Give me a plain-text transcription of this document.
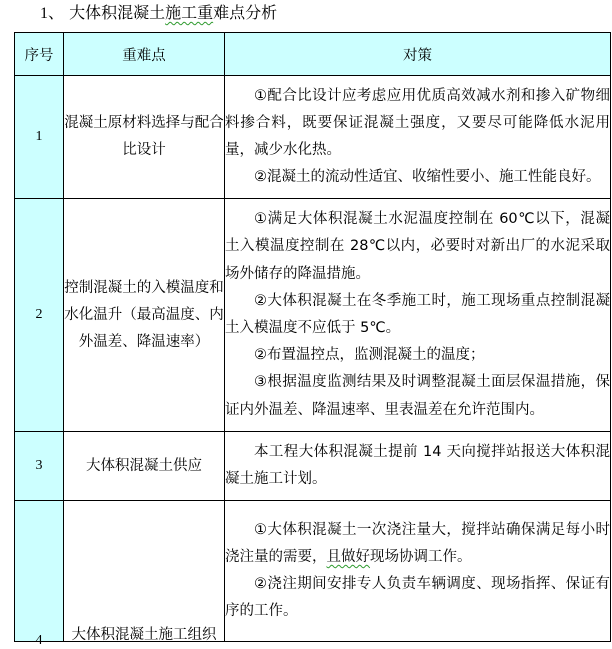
1、 大体积混凝土施工重难点分析
序号	重难点	对策
1	混凝土原材料选择与配合比设计	①配合比设计应考虑应用优质高效减水剂和掺入矿物细料掺合料，既要保证混凝土强度，又要尽可能降低水泥用量，减少水化热。

②混凝土的流动性适宜、收缩性要小、施工性能良好。

2	控制混凝土的入模温度和水化温升（最高温度、内外温差、降温速率）	①满足大体积混凝土水泥温度控制在 60℃以下，混凝土入模温度控制在 28℃以内，必要时对新出厂的水泥采取场外储存的降温措施。

②大体积混凝土在冬季施工时，施工现场重点控制混凝土入模温度不应低于 5℃。

②布置温控点，监测混凝土的温度；

③根据温度监测结果及时调整混凝土面层保温措施，保证内外温差、降温速率、里表温差在允许范围内。

3	大体积混凝土供应	本工程大体积混凝土提前 14 天向搅拌站报送大体积混凝土施工计划。

4	大体积混凝土施工组织	①大体积混凝土一次浇注量大，搅拌站确保满足每小时浇注量的需要，且做好现场协调工作。

②浇注期间安排专人负责车辆调度、现场指挥、保证有序的工作。
